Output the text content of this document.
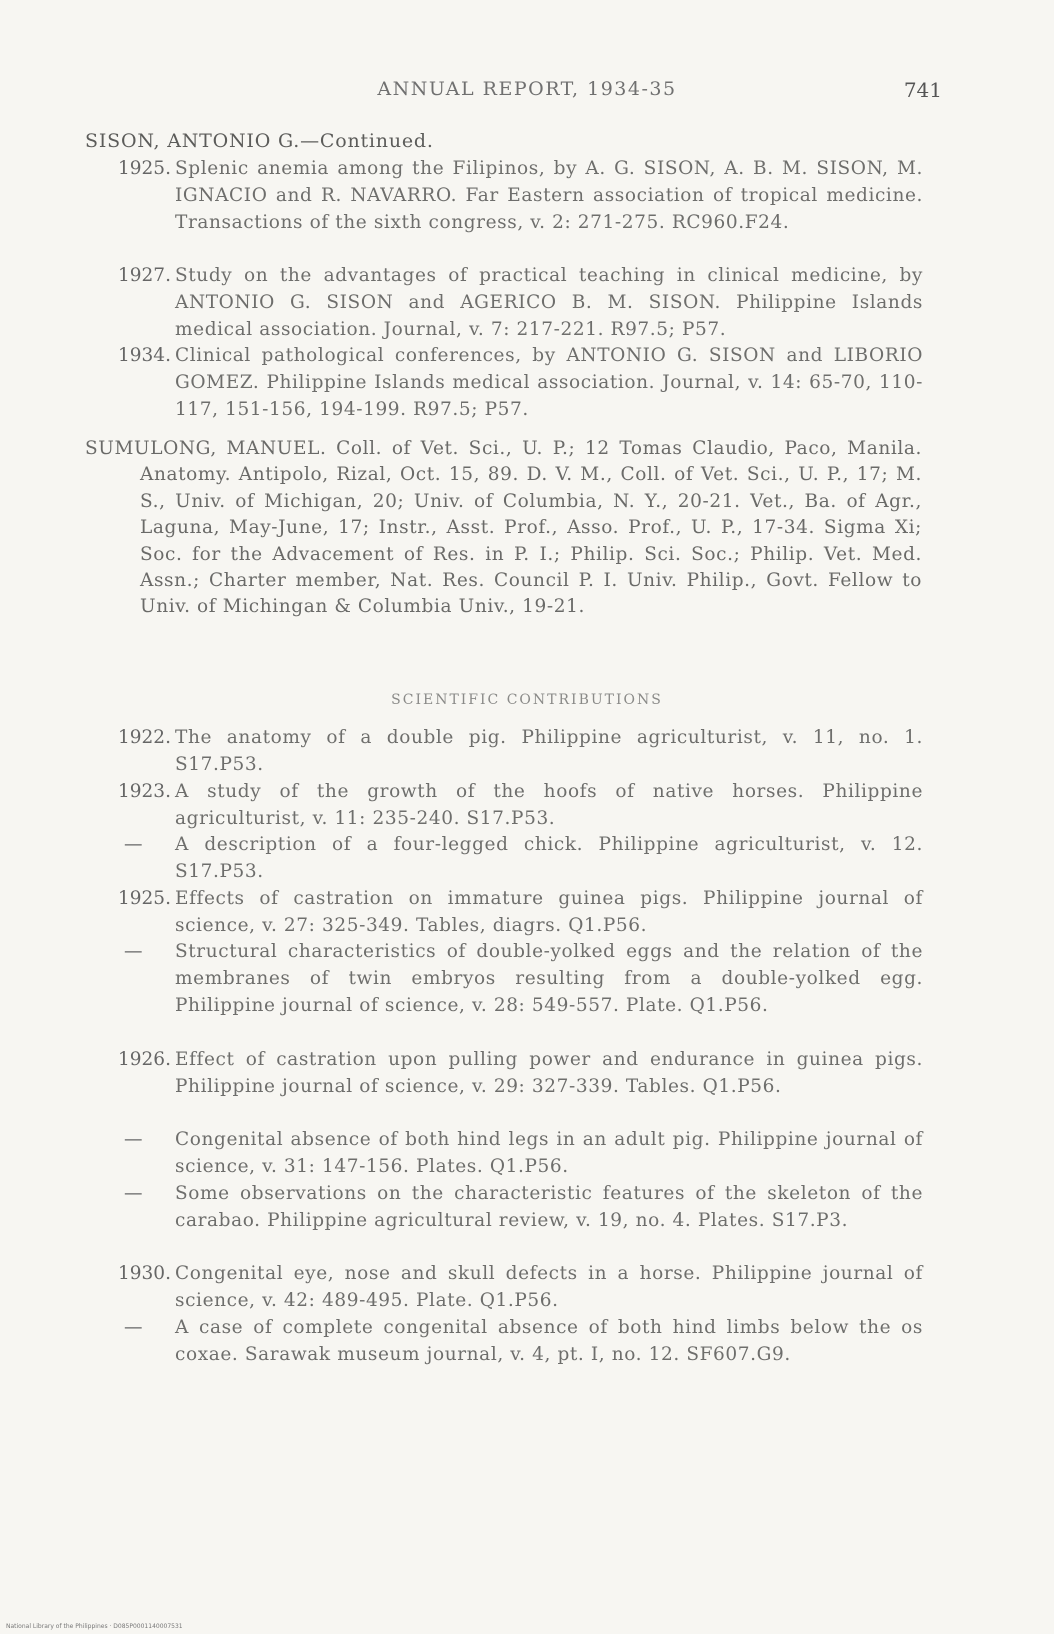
ANNUAL REPORT, 1934-35	741
SISON, ANTONIO G.—Continued.
1925. Splenic anemia among the Filipinos, by A. G. SISON, A. B. M. SISON, M. IGNACIO and R. NAVARRO. Far Eastern association of tropical medicine. Transactions of the sixth congress, v. 2: 271-275. RC960.F24.
1927. Study on the advantages of practical teaching in clinical medicine, by ANTONIO G. SISON and AGERICO B. M. SISON. Philippine Islands medical association. Journal, v. 7: 217-221. R97.5; P57.
1934. Clinical pathological conferences, by ANTONIO G. SISON and LIBORIO GOMEZ. Philippine Islands medical association. Journal, v. 14: 65-70, 110-117, 151-156, 194-199. R97.5; P57.
SUMULONG, MANUEL. Coll. of Vet. Sci., U. P.; 12 Tomas Claudio, Paco, Manila. Anatomy. Antipolo, Rizal, Oct. 15, 89. D. V. M., Coll. of Vet. Sci., U. P., 17; M. S., Univ. of Michigan, 20; Univ. of Columbia, N. Y., 20-21. Vet., Ba. of Agr., Laguna, May-June, 17; Instr., Asst. Prof., Asso. Prof., U. P., 17-34. Sigma Xi; Soc. for the Advacement of Res. in P. I.; Philip. Sci. Soc.; Philip. Vet. Med. Assn.; Charter member, Nat. Res. Council P. I. Univ. Philip., Govt. Fellow to Univ. of Michingan & Columbia Univ., 19-21.
SCIENTIFIC CONTRIBUTIONS
1922. The anatomy of a double pig. Philippine agriculturist, v. 11, no. 1. S17.P53.
1923. A study of the growth of the hoofs of native horses. Philippine agriculturist, v. 11: 235-240. S17.P53.
—	A description of a four-legged chick. Philippine agriculturist, v. 12. S17.P53.
1925. Effects of castration on immature guinea pigs. Philippine journal of science, v. 27: 325-349. Tables, diagrs. Q1.P56.
—	Structural characteristics of double-yolked eggs and the relation of the membranes of twin embryos resulting from a double-yolked egg. Philippine journal of science, v. 28: 549-557. Plate. Q1.P56.
1926. Effect of castration upon pulling power and endurance in guinea pigs. Philippine journal of science, v. 29: 327-339. Tables. Q1.P56.
—	Congenital absence of both hind legs in an adult pig. Philippine journal of science, v. 31: 147-156. Plates. Q1.P56.
—	Some observations on the characteristic features of the skeleton of the carabao. Philippine agricultural review, v. 19, no. 4. Plates. S17.P3.
1930. Congenital eye, nose and skull defects in a horse. Philippine journal of science, v. 42: 489-495. Plate. Q1.P56.
—	A case of complete congenital absence of both hind limbs below the os coxae. Sarawak museum journal, v. 4, pt. I, no. 12. SF607.G9.
National Library of the Philippines · D085P0001140007531
